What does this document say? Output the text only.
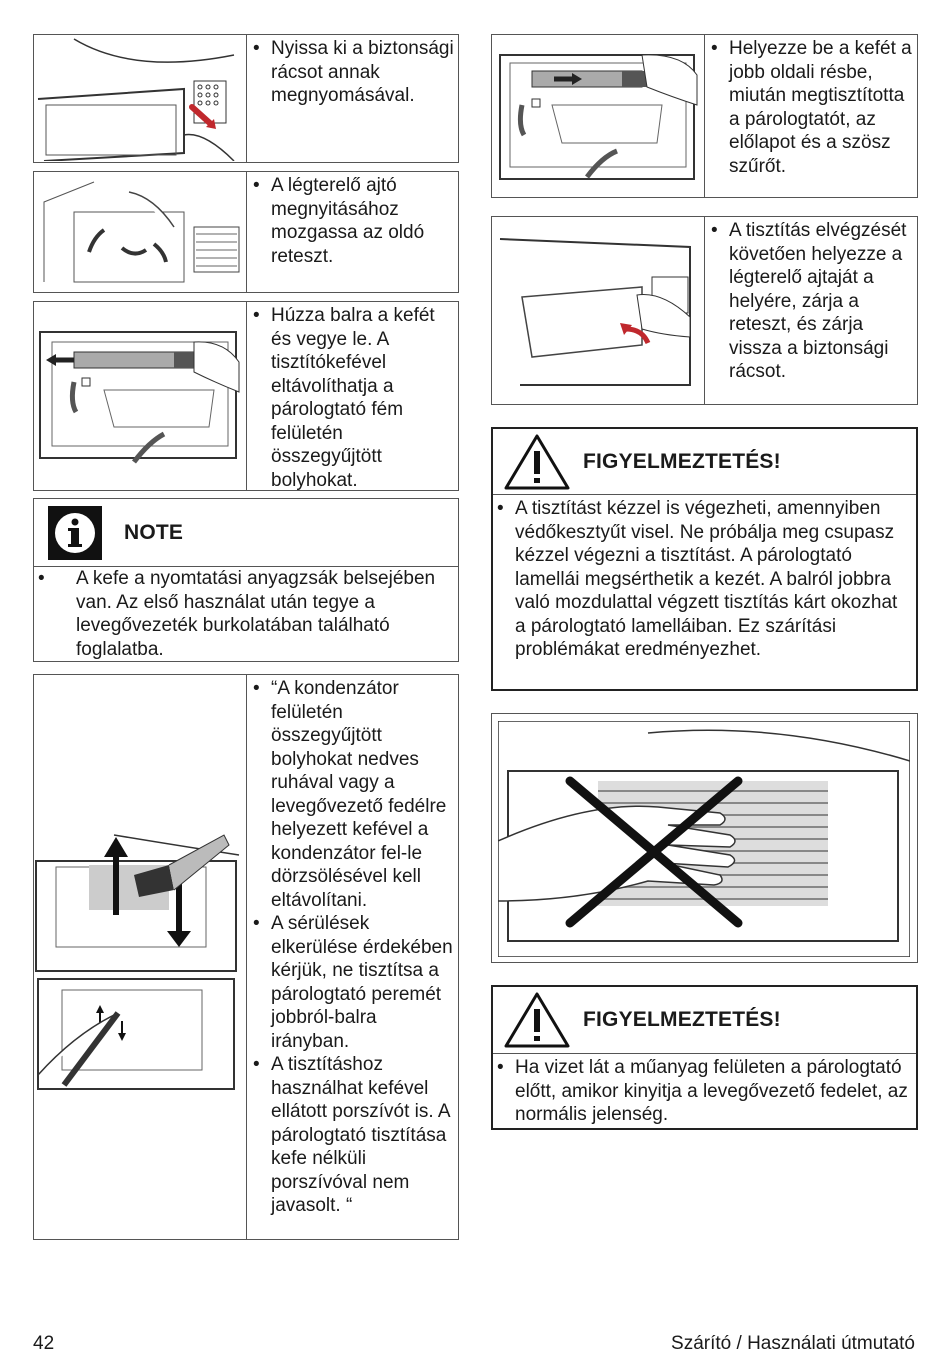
• Nyissa ki a biztonsági rácsot annak megnyomásával.
• A légterelő ajtó megnyitásához mozgassa az oldó reteszt.
• Húzza balra a kefét és vegye le. A tisztítókefével eltávolíthatja a párologtató fém felületén összegyűjtött bolyhokat.
NOTE
•	A kefe a nyomtatási anyagzsák belsejében van. Az első használat után tegye a levegővezeték burkolatában található foglalatba.
• “A kondenzátor felületén összegyűjtött bolyhokat nedves ruhával vagy a levegővezető fedélre helyezett kefével a kondenzátor fel-le dörzsölésével kell eltávolítani.
• A sérülések elkerülése érdekében kérjük, ne tisztítsa a párologtató peremét jobbról-balra irányban.
• A tisztításhoz használhat kefével ellátott porszívót is. A párologtató tisztítása kefe nélküli porszívóval nem javasolt. “
• Helyezze be a kefét a jobb oldali résbe, miután megtisztította a párologtatót, az előlapot és a szösz szűrőt.
• A tisztítás elvégzését követően helyezze a légterelő ajtaját a helyére, zárja a reteszt, és zárja vissza a biztonsági rácsot.
FIGYELMEZTETÉS!
• A tisztítást kézzel is végezheti, amennyiben védőkesztyűt visel. Ne próbálja meg csupasz kézzel végezni a tisztítást. A párologtató lamellái megsérthetik a kezét. A balról jobbra való mozdulattal végzett tisztítás kárt okozhat a párologtató lamelláiban. Ez szárítási problémákat eredményezhet.
FIGYELMEZTETÉS!
• Ha vizet lát a műanyag felületen a párologtató előtt, amikor kinyitja a levegővezető fedelet, az normális jelenség.
42	Szárító / Használati útmutató
